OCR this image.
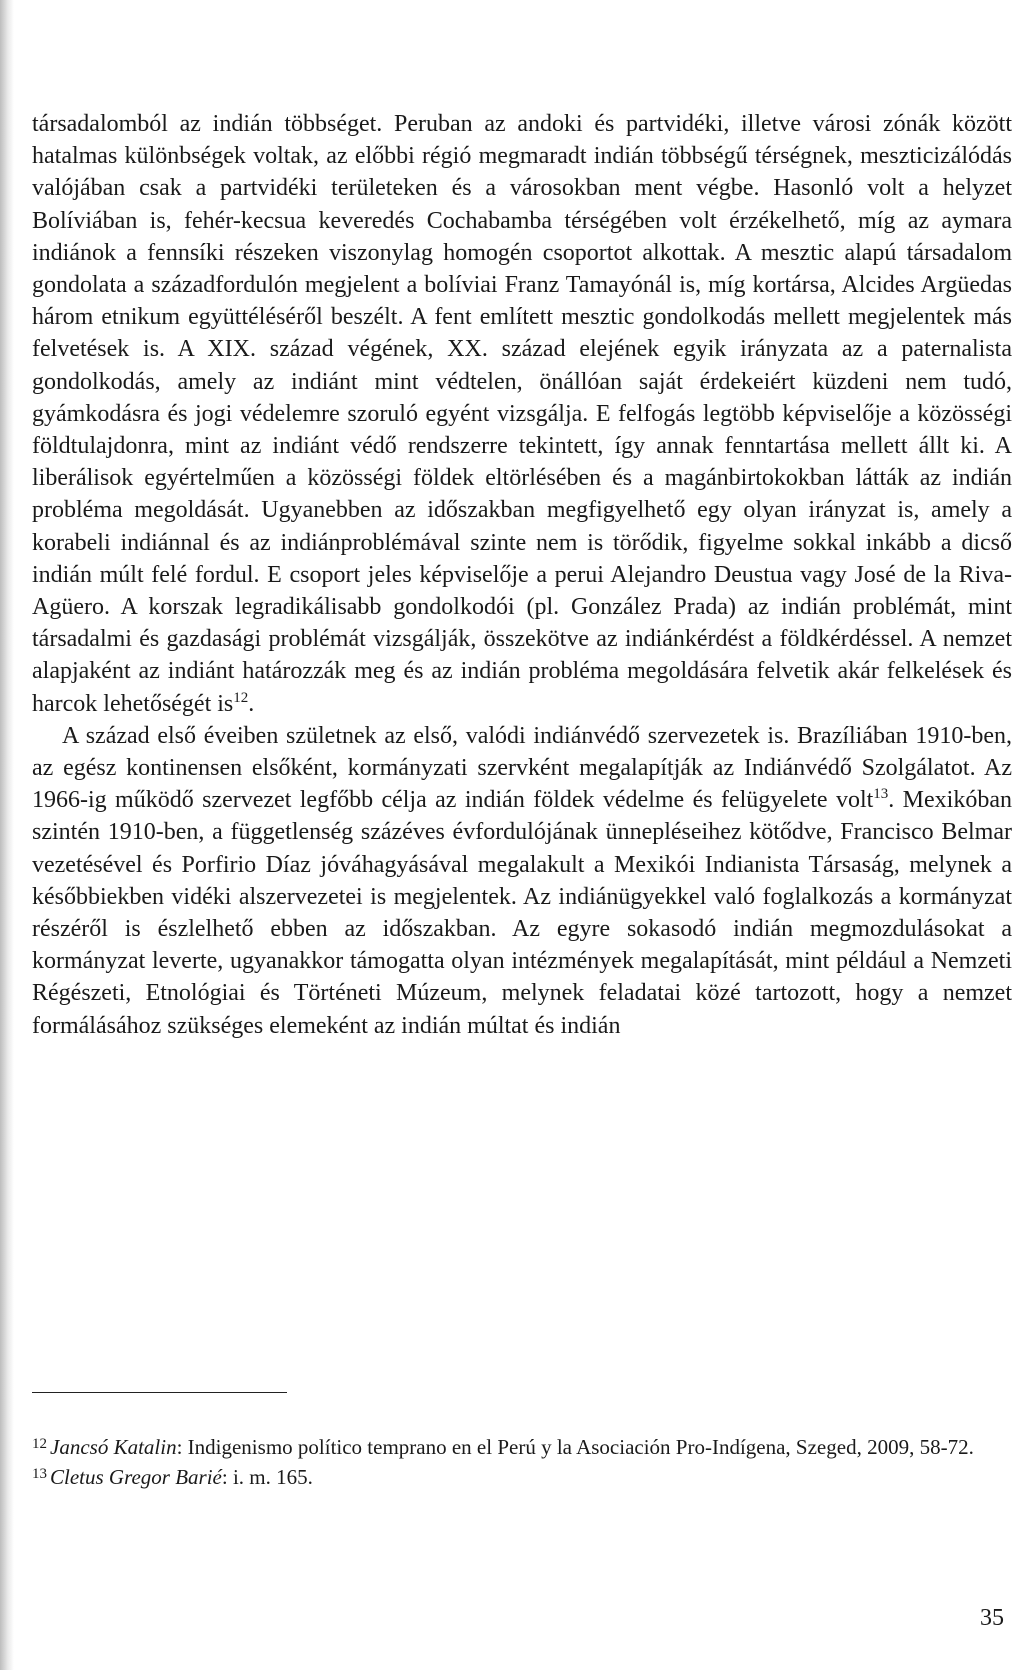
társadalomból az indián többséget. Peruban az andoki és partvidéki, illetve városi zónák között hatalmas különbségek voltak, az előbbi régió megmaradt indián többségű térségnek, meszticizálódás valójában csak a partvidéki területeken és a városokban ment végbe. Hasonló volt a helyzet Bolíviában is, fehér-kecsua keveredés Cochabamba térségében volt érzékelhető, míg az aymara indiánok a fennsíki részeken viszonylag homogén csoportot alkottak. A mesztic alapú társadalom gondolata a századfordulón megjelent a bolíviai Franz Tamayónál is, míg kortársa, Alcides Argüedas három etnikum együttéléséről beszélt. A fent említett mesztic gondolkodás mellett megjelentek más felvetések is. A XIX. század végének, XX. század elejének egyik irányzata az a paternalista gondolkodás, amely az indiánt mint védtelen, önállóan saját érdekeiért küzdeni nem tudó, gyámkodásra és jogi védelemre szoruló egyént vizsgálja. E felfogás legtöbb képviselője a közösségi földtulajdonra, mint az indiánt védő rendszerre tekintett, így annak fenntartása mellett állt ki. A liberálisok egyértelműen a közösségi földek eltörlésében és a magánbirtokokban látták az indián probléma megoldását. Ugyanebben az időszakban megfigyelhető egy olyan irányzat is, amely a korabeli indiánnal és az indiánproblémával szinte nem is törődik, figyelme sokkal inkább a dicső indián múlt felé fordul. E csoport jeles képviselője a perui Alejandro Deustua vagy José de la Riva-Agüero. A korszak legradikálisabb gondolkodói (pl. González Prada) az indián problémát, mint társadalmi és gazdasági problémát vizsgálják, összekötve az indiánkérdést a földkérdéssel. A nemzet alapjaként az indiánt határozzák meg és az indián probléma megoldására felvetik akár felkelések és harcok lehetőségét $is^{12}$.

A század első éveiben születnek az első, valódi indiánvédő szervezetek is. Brazíliában 1910-ben, az egész kontinensen elsőként, kormányzati szervként megalapítják az Indiánvédő Szolgálatot. Az 1966-ig működő szervezet legfőbb célja az indián földek védelme és felügyelete volt$^{13}$. Mexikóban szintén 1910-ben, a függetlenség százéves évfordulójának ünnepléseihez kötődve, Francisco Belmar vezetésével és Porfirio Díaz jóváhagyásával megalakult a Mexikói Indianista Társaság, melynek a későbbiekben vidéki alszervezetei is megjelentek. Az indiánügyekkel való foglalkozás a kormányzat részéről is észlelhető ebben az időszakban. Az egyre sokasodó indián megmozdulásokat a kormányzat leverte, ugyanakkor támogatta olyan intézmények megalapítását, mint például a Nemzeti Régészeti, Etnológiai és Történeti Múzeum, melynek feladatai közé tartozott, hogy a nemzet formálásához szükséges elemeként az indián múltat és indián

$^{12}$ Jancsó Katalin: Indigenismo político temprano en el Perú y la Asociación Pro-Indígena, Szeged, 2009, 58-72.

$^{13}$ Cletus Gregor Barié: i. m. 165.

35
